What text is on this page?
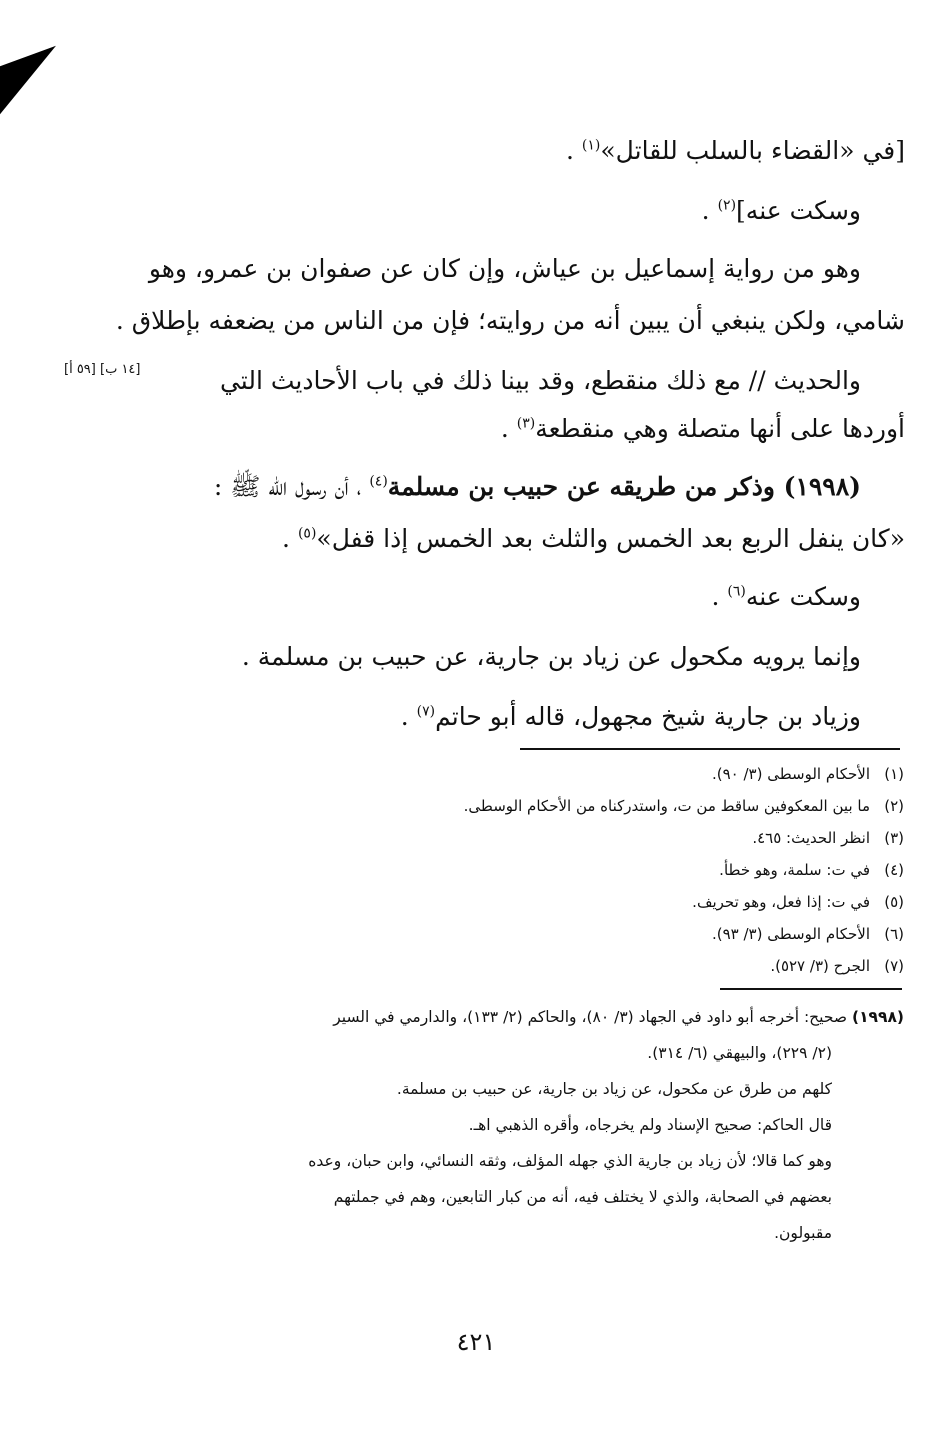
[في «القضاء بالسلب للقاتل»$^{(١)}$ .
وسكت عنه]$^{(٢)}$ .
وهو من رواية إسماعيل بن عياش، وإن كان عن صفوان بن عمرو، وهو
شامي، ولكن ينبغي أن يبين أنه من روايته؛ فإن من الناس من يضعفه بإطلاق .
والحديث // مع ذلك منقطع، وقد بينا ذلك في باب الأحاديث التي
أوردها على أنها متصلة وهي منقطعة$^{(٣)}$ .
(١٩٩٨) وذكر من طريقه عن حبيب بن مسلمة$^{(٤)}$ ، أن رسول الله ﷺ :
«كان ينفل الربع بعد الخمس والثلث بعد الخمس إذا قفل»$^{(٥)}$ .
وسكت عنه$^{(٦)}$ .
وإنما يرويه مكحول عن زياد بن جارية، عن حبيب بن مسلمة .
وزياد بن جارية شيخ مجهول، قاله أبو حاتم$^{(٧)}$ .
[١٤ ب] [٥٩ أ]
(١)الأحكام الوسطى (٣/ ٩٠).
(٢)ما بين المعكوفين ساقط من ت، واستدركناه من الأحكام الوسطى.
(٣)انظر الحديث: ٤٦٥.
(٤)في ت: سلمة، وهو خطأ.
(٥)في ت: إذا فعل، وهو تحريف.
(٦)الأحكام الوسطى (٣/ ٩٣).
(٧)الجرح (٣/ ٥٢٧).
(١٩٩٨) صحيح: أخرجه أبو داود في الجهاد (٣/ ٨٠)، والحاكم (٢/ ١٣٣)، والدارمي في السير
(٢/ ٢٢٩)، والبيهقي (٦/ ٣١٤).
كلهم من طرق عن مكحول، عن زياد بن جارية، عن حبيب بن مسلمة.
قال الحاكم: صحيح الإسناد ولم يخرجاه، وأقره الذهبي اهـ.
وهو كما قالا؛ لأن زياد بن جارية الذي جهله المؤلف، وثقه النسائي، وابن حبان، وعده
بعضهم في الصحابة، والذي لا يختلف فيه، أنه من كبار التابعين، وهم في جملتهم
مقبولون.
٤٢١
